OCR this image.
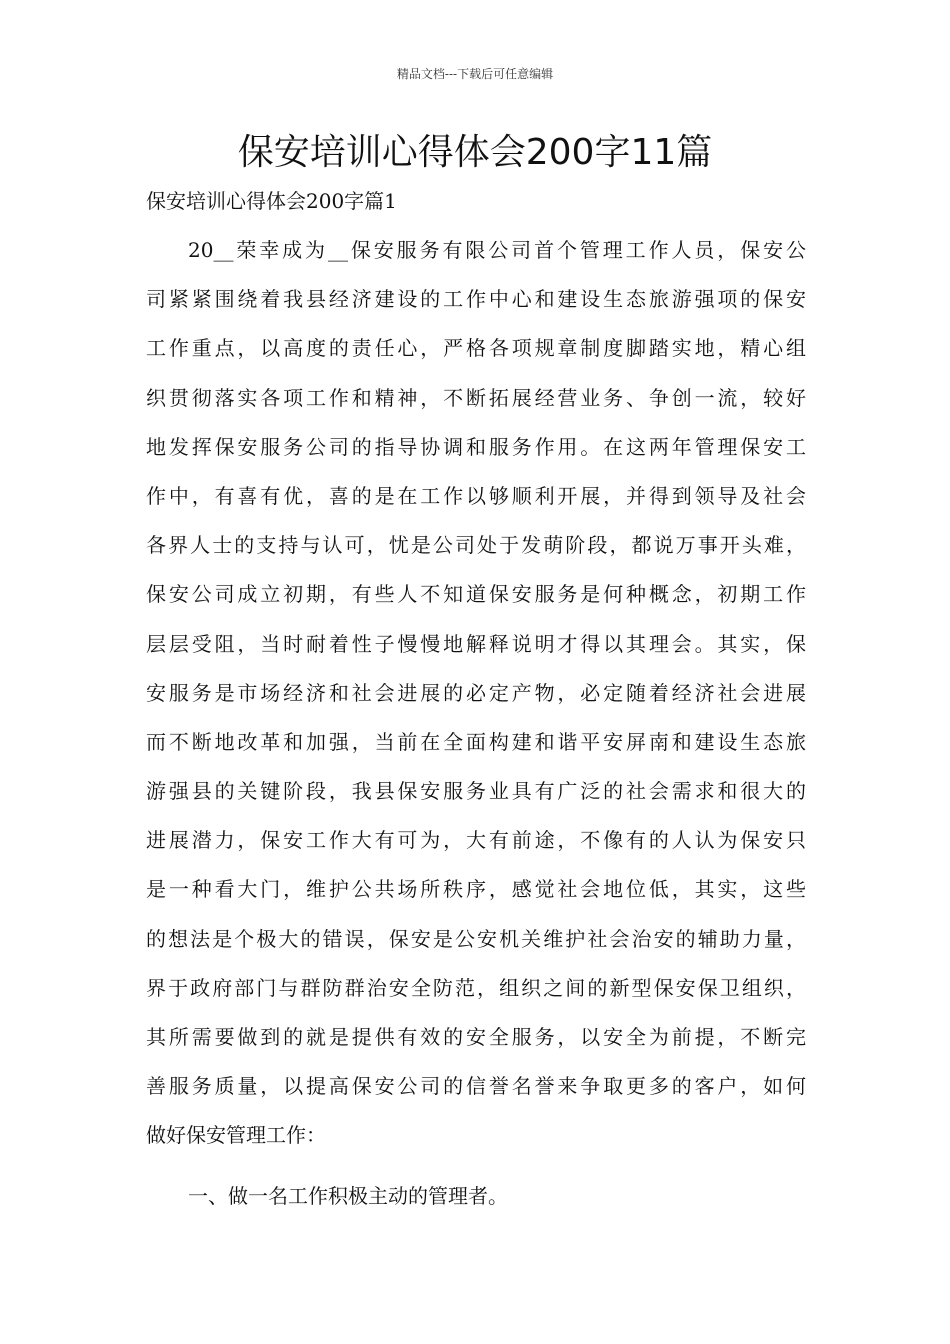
精品文档---下载后可任意编辑
保安培训心得体会200字11篇
保安培训心得体会200字篇1
20__荣幸成为__保安服务有限公司首个管理工作人员，保安公
司紧紧围绕着我县经济建设的工作中心和建设生态旅游强项的保安
工作重点，以高度的责任心，严格各项规章制度脚踏实地，精心组
织贯彻落实各项工作和精神，不断拓展经营业务、争创一流，较好
地发挥保安服务公司的指导协调和服务作用。在这两年管理保安工
作中，有喜有优，喜的是在工作以够顺利开展，并得到领导及社会
各界人士的支持与认可，忧是公司处于发萌阶段，都说万事开头难，
保安公司成立初期，有些人不知道保安服务是何种概念，初期工作
层层受阻，当时耐着性子慢慢地解释说明才得以其理会。其实，保
安服务是市场经济和社会进展的必定产物，必定随着经济社会进展
而不断地改革和加强，当前在全面构建和谐平安屏南和建设生态旅
游强县的关键阶段，我县保安服务业具有广泛的社会需求和很大的
进展潜力，保安工作大有可为，大有前途，不像有的人认为保安只
是一种看大门，维护公共场所秩序，感觉社会地位低，其实，这些
的想法是个极大的错误，保安是公安机关维护社会治安的辅助力量，
界于政府部门与群防群治安全防范，组织之间的新型保安保卫组织，
其所需要做到的就是提供有效的安全服务，以安全为前提，不断完
善服务质量，以提高保安公司的信誉名誉来争取更多的客户，如何
做好保安管理工作：
一、做一名工作积极主动的管理者。
